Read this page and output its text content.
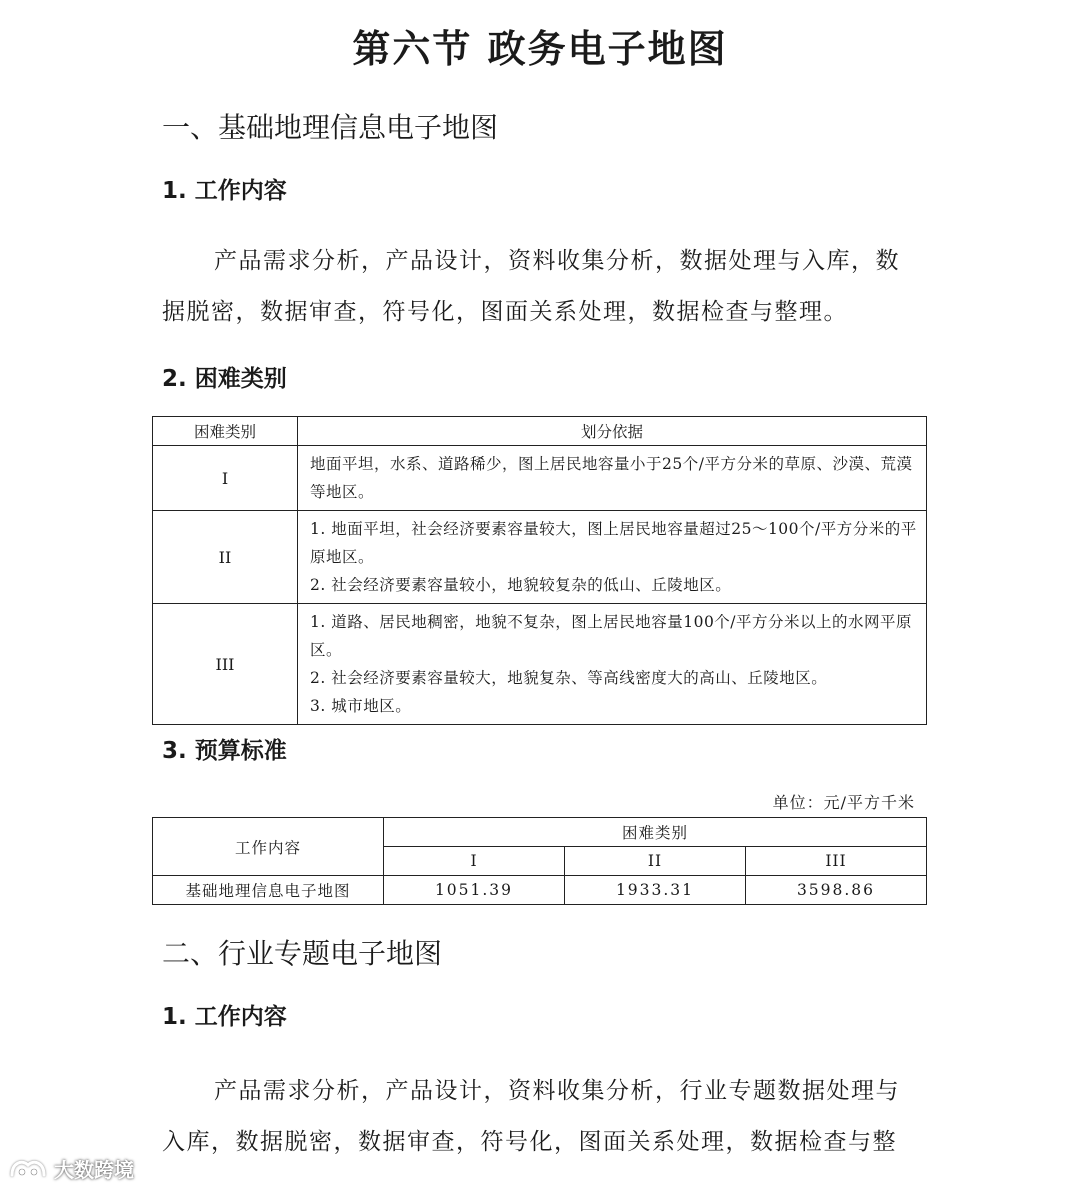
第六节 政务电子地图
一、基础地理信息电子地图
1. 工作内容

产品需求分析，产品设计，资料收集分析，数据处理与入库，数据脱密，数据审查，符号化，图面关系处理，数据检查与整理。

2. 困难类别
困难类别	划分依据
I	地面平坦，水系、道路稀少，图上居民地容量小于25个/平方分米的草原、沙漠、荒漠等地区。

II	1. 地面平坦，社会经济要素容量较大，图上居民地容量超过25～100个/平方分米的平原地区。
2. 社会经济要素容量较小，地貌较复杂的低山、丘陵地区。

III	1. 道路、居民地稠密，地貌不复杂，图上居民地容量100个/平方分米以上的水网平原区。
2. 社会经济要素容量较大，地貌复杂、等高线密度大的高山、丘陵地区。
3. 城市地区。
3. 预算标准
单位：元/平方千米
工作内容	困难类别		
	I	II	III
基础地理信息电子地图	1051.39	1933.31	3598.86
二、行业专题电子地图
1. 工作内容
产品需求分析，产品设计，资料收集分析，行业专题数据处理与
入库，数据脱密，数据审查，符号化，图面关系处理，数据检查与整
大数跨境
